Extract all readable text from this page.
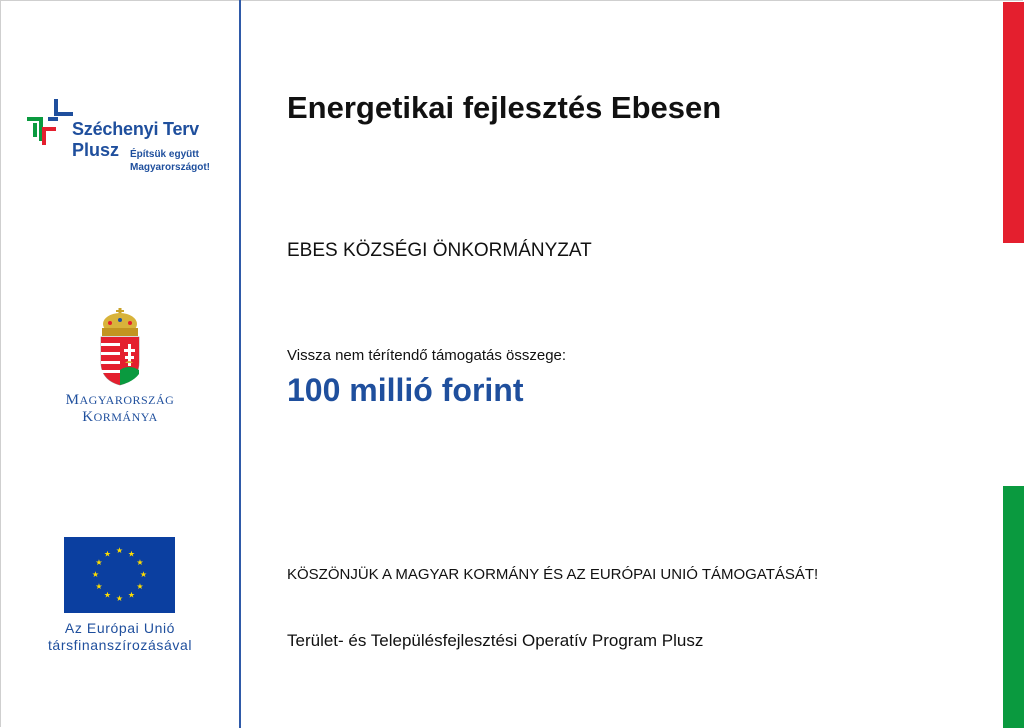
Széchenyi Terv
Plusz Építsük együtt
Magyarországot!
MAGYARORSZÁG
KORMÁNYA
★ ★
★
★
★
★
★
★
★
★
★
★
Az Európai Unió
társfinanszírozásával
Energetikai fejlesztés Ebesen
EBES KÖZSÉGI ÖNKORMÁNYZAT
Vissza nem térítendő támogatás összege:
100 millió forint
KÖSZÖNJÜK A MAGYAR KORMÁNY ÉS AZ EURÓPAI UNIÓ TÁMOGATÁSÁT!
Terület- és Településfejlesztési Operatív Program Plusz
